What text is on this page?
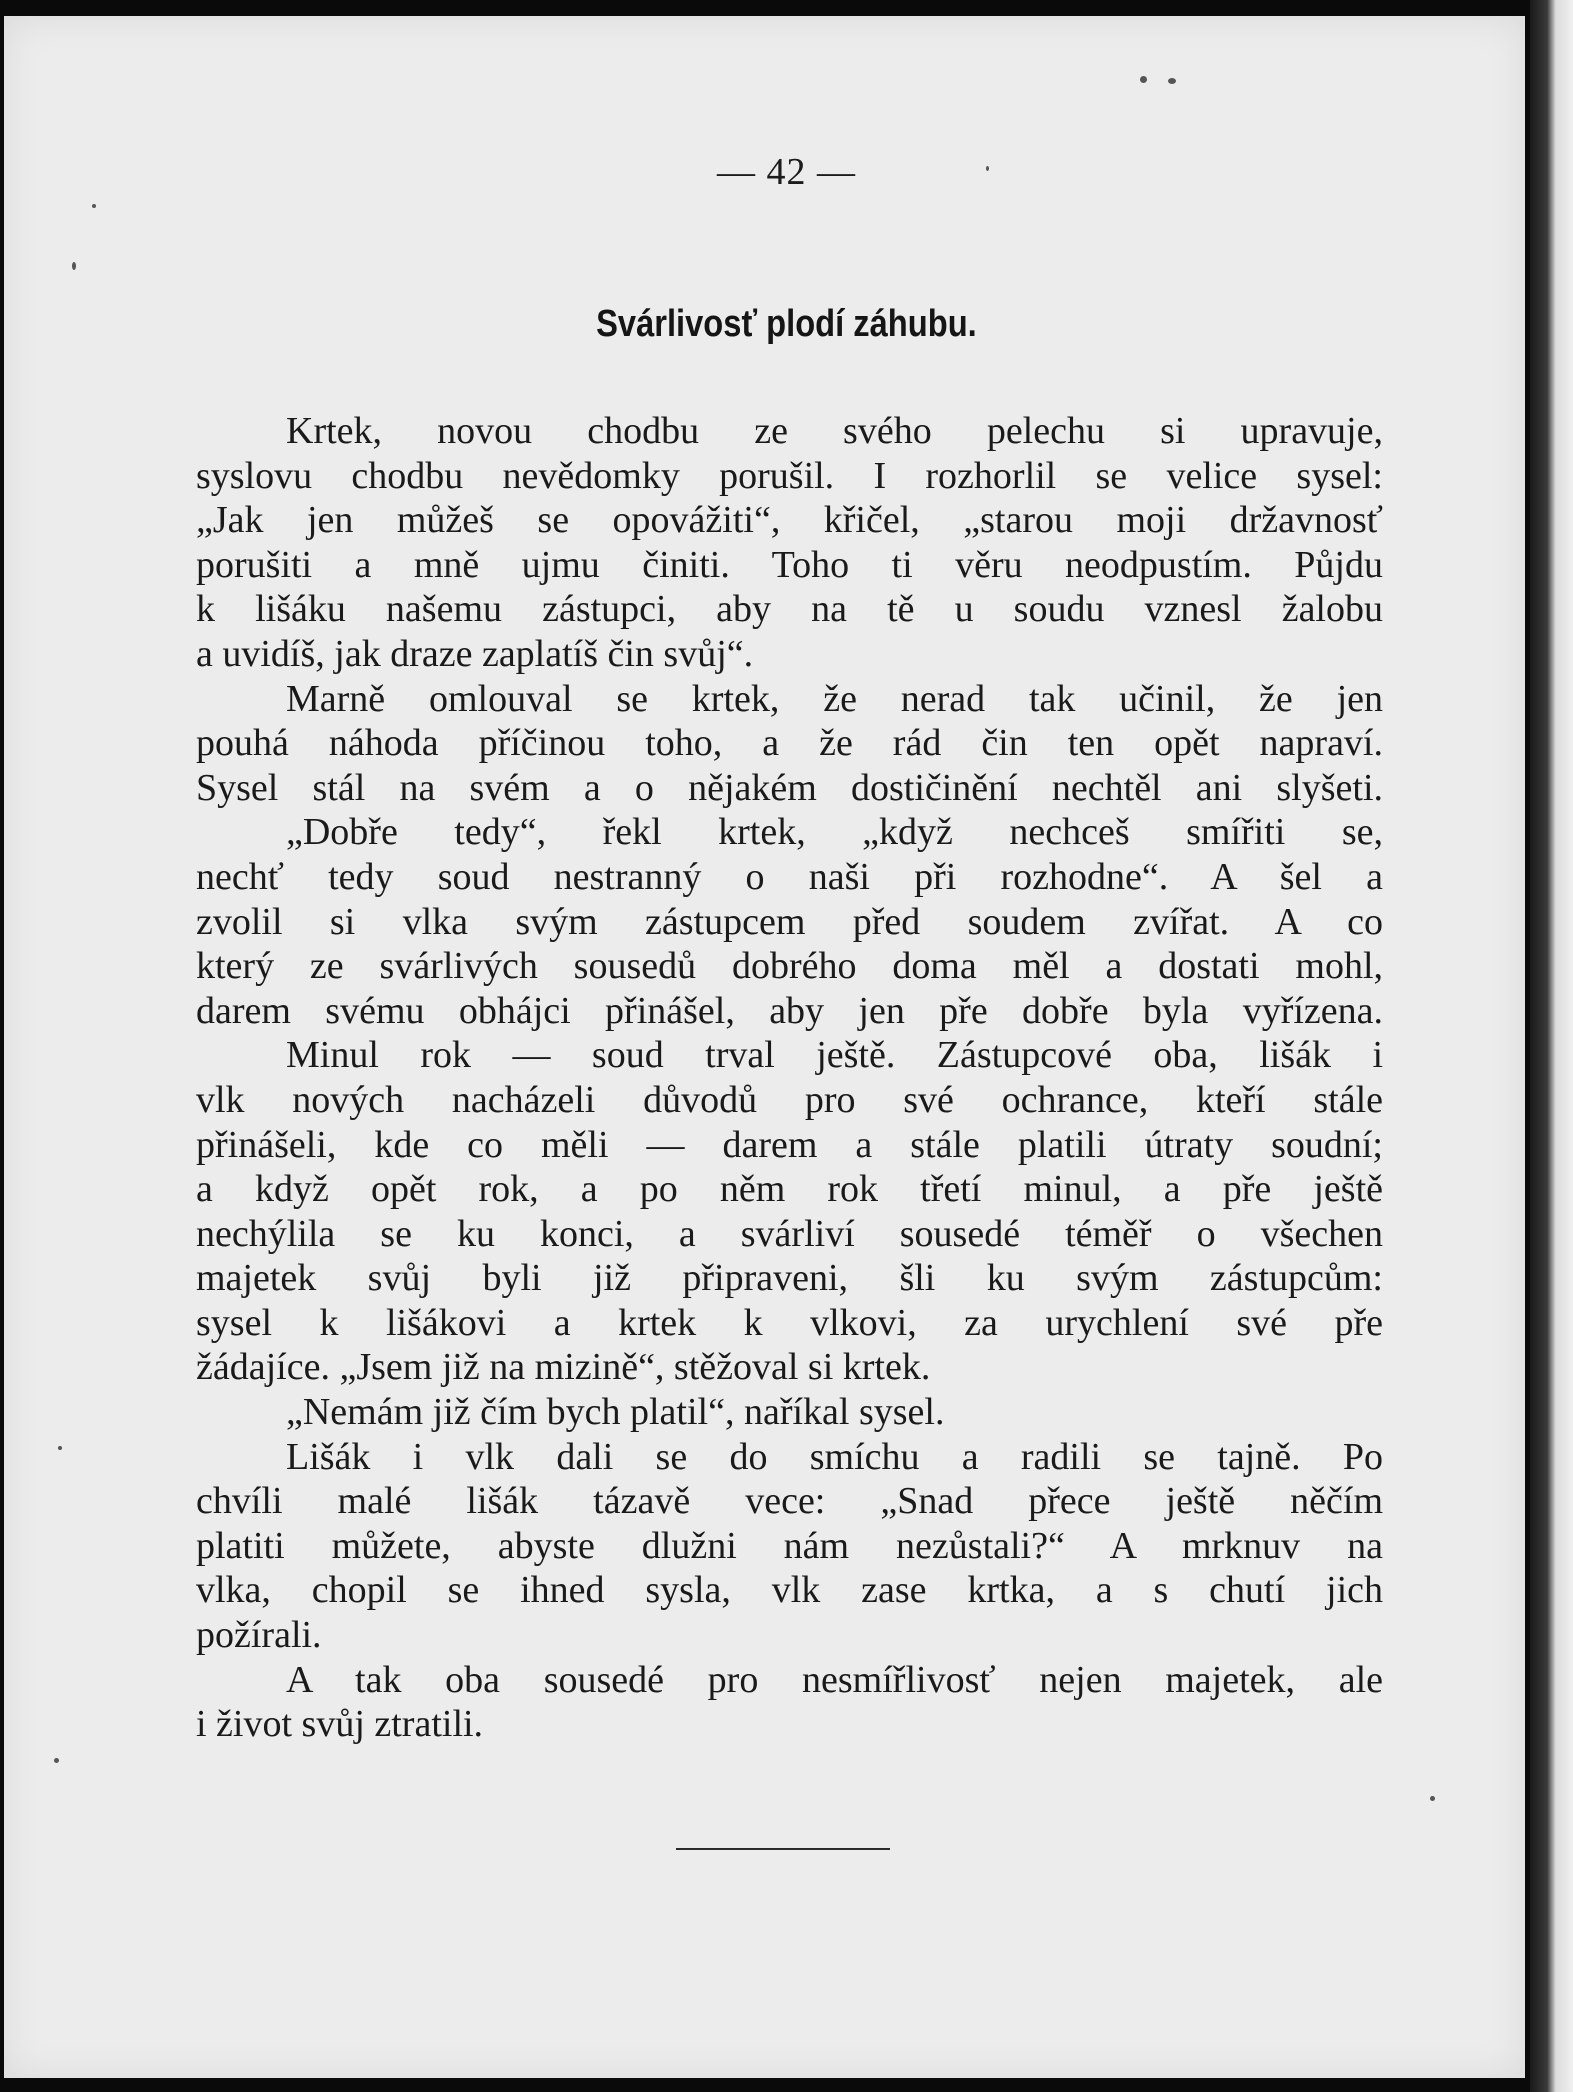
— 42 —
Svárlivosť plodí záhubu.
Krtek, novou chodbu ze svého pelechu si upravuje,
syslovu chodbu nevědomky porušil. I rozhorlil se velice sysel:
„Jak jen můžeš se opovážiti“, křičel, „starou moji državnosť
porušiti a mně ujmu činiti. Toho ti věru neodpustím. Půjdu
k lišáku našemu zástupci, aby na tě u soudu vznesl žalobu
a uvidíš, jak draze zaplatíš čin svůj“.
Marně omlouval se krtek, že nerad tak učinil, že jen
pouhá náhoda příčinou toho, a že rád čin ten opět napraví.
Sysel stál na svém a o nějakém dostičinění nechtěl ani slyšeti.
„Dobře tedy“, řekl krtek, „když nechceš smířiti se,
nechť tedy soud nestranný o naši při rozhodne“. A šel a
zvolil si vlka svým zástupcem před soudem zvířat. A co
který ze svárlivých sousedů dobrého doma měl a dostati mohl,
darem svému obhájci přinášel, aby jen pře dobře byla vyřízena.
Minul rok — soud trval ještě. Zástupcové oba, lišák i
vlk nových nacházeli důvodů pro své ochrance, kteří stále
přinášeli, kde co měli — darem a stále platili útraty soudní;
a když opět rok, a po něm rok třetí minul, a pře ještě
nechýlila se ku konci, a svárliví sousedé téměř o všechen
majetek svůj byli již připraveni, šli ku svým zástupcům:
sysel k lišákovi a krtek k vlkovi, za urychlení své pře
žádajíce. „Jsem již na mizině“, stěžoval si krtek.
„Nemám již čím bych platil“, naříkal sysel.
Lišák i vlk dali se do smíchu a radili se tajně. Po
chvíli malé lišák tázavě vece: „Snad přece ještě něčím
platiti můžete, abyste dlužni nám nezůstali?“ A mrknuv na
vlka, chopil se ihned sysla, vlk zase krtka, a s chutí jich
požírali.
A tak oba sousedé pro nesmířlivosť nejen majetek, ale
i život svůj ztratili.
